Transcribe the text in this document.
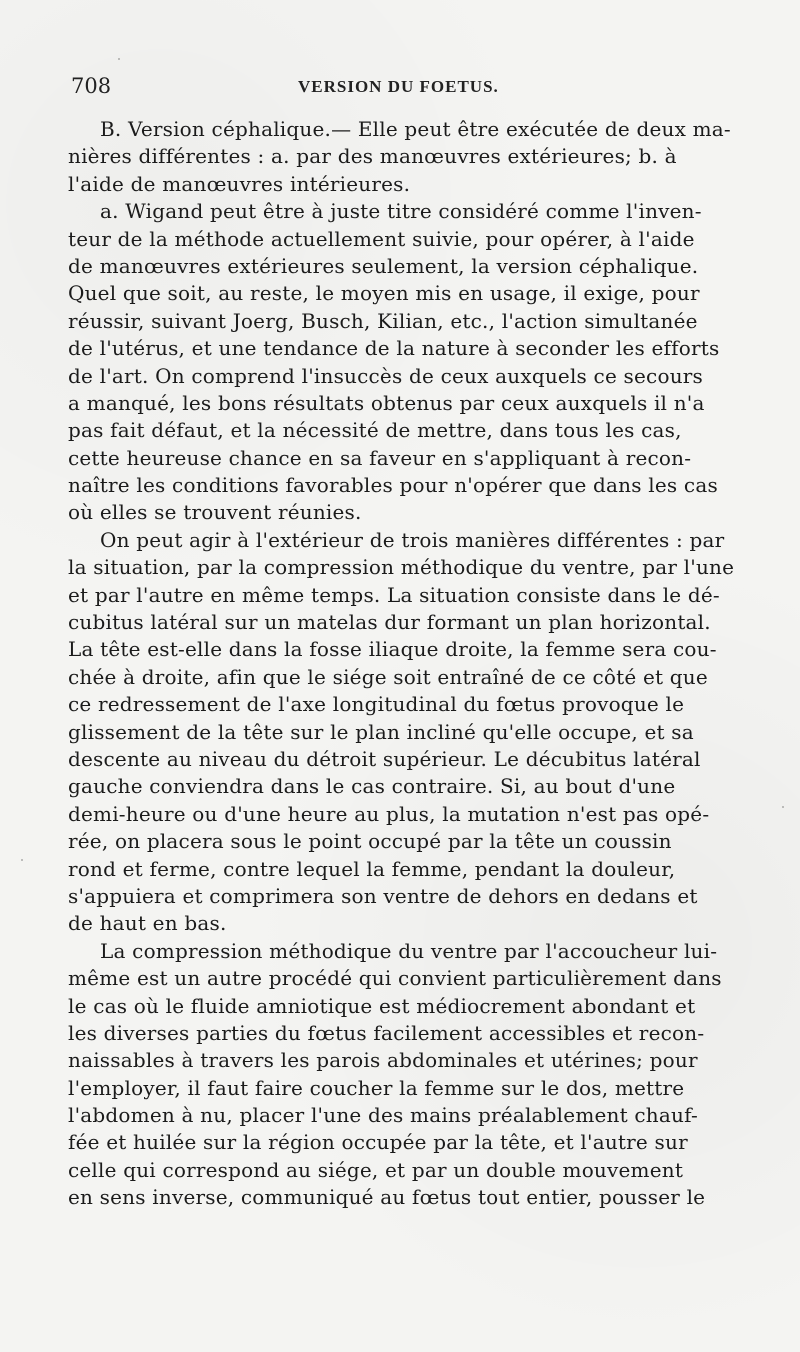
708	VERSION DU FOETUS.
B. Version céphalique.— Elle peut être exécutée de deux ma-
nières différentes : a. par des manœuvres extérieures; b. à
l'aide de manœuvres intérieures.
a. Wigand peut être à juste titre considéré comme l'inven-
teur de la méthode actuellement suivie, pour opérer, à l'aide
de manœuvres extérieures seulement, la version céphalique.
Quel que soit, au reste, le moyen mis en usage, il exige, pour
réussir, suivant Joerg, Busch, Kilian, etc., l'action simultanée
de l'utérus, et une tendance de la nature à seconder les efforts
de l'art. On comprend l'insuccès de ceux auxquels ce secours
a manqué, les bons résultats obtenus par ceux auxquels il n'a
pas fait défaut, et la nécessité de mettre, dans tous les cas,
cette heureuse chance en sa faveur en s'appliquant à recon-
naître les conditions favorables pour n'opérer que dans les cas
où elles se trouvent réunies.
On peut agir à l'extérieur de trois manières différentes : par
la situation, par la compression méthodique du ventre, par l'une
et par l'autre en même temps. La situation consiste dans le dé-
cubitus latéral sur un matelas dur formant un plan horizontal.
La tête est-elle dans la fosse iliaque droite, la femme sera cou-
chée à droite, afin que le siége soit entraîné de ce côté et que
ce redressement de l'axe longitudinal du fœtus provoque le
glissement de la tête sur le plan incliné qu'elle occupe, et sa
descente au niveau du détroit supérieur. Le décubitus latéral
gauche conviendra dans le cas contraire. Si, au bout d'une
demi-heure ou d'une heure au plus, la mutation n'est pas opé-
rée, on placera sous le point occupé par la tête un coussin
rond et ferme, contre lequel la femme, pendant la douleur,
s'appuiera et comprimera son ventre de dehors en dedans et
de haut en bas.
La compression méthodique du ventre par l'accoucheur lui-
même est un autre procédé qui convient particulièrement dans
le cas où le fluide amniotique est médiocrement abondant et
les diverses parties du fœtus facilement accessibles et recon-
naissables à travers les parois abdominales et utérines; pour
l'employer, il faut faire coucher la femme sur le dos, mettre
l'abdomen à nu, placer l'une des mains préalablement chauf-
fée et huilée sur la région occupée par la tête, et l'autre sur
celle qui correspond au siége, et par un double mouvement
en sens inverse, communiqué au fœtus tout entier, pousser le
